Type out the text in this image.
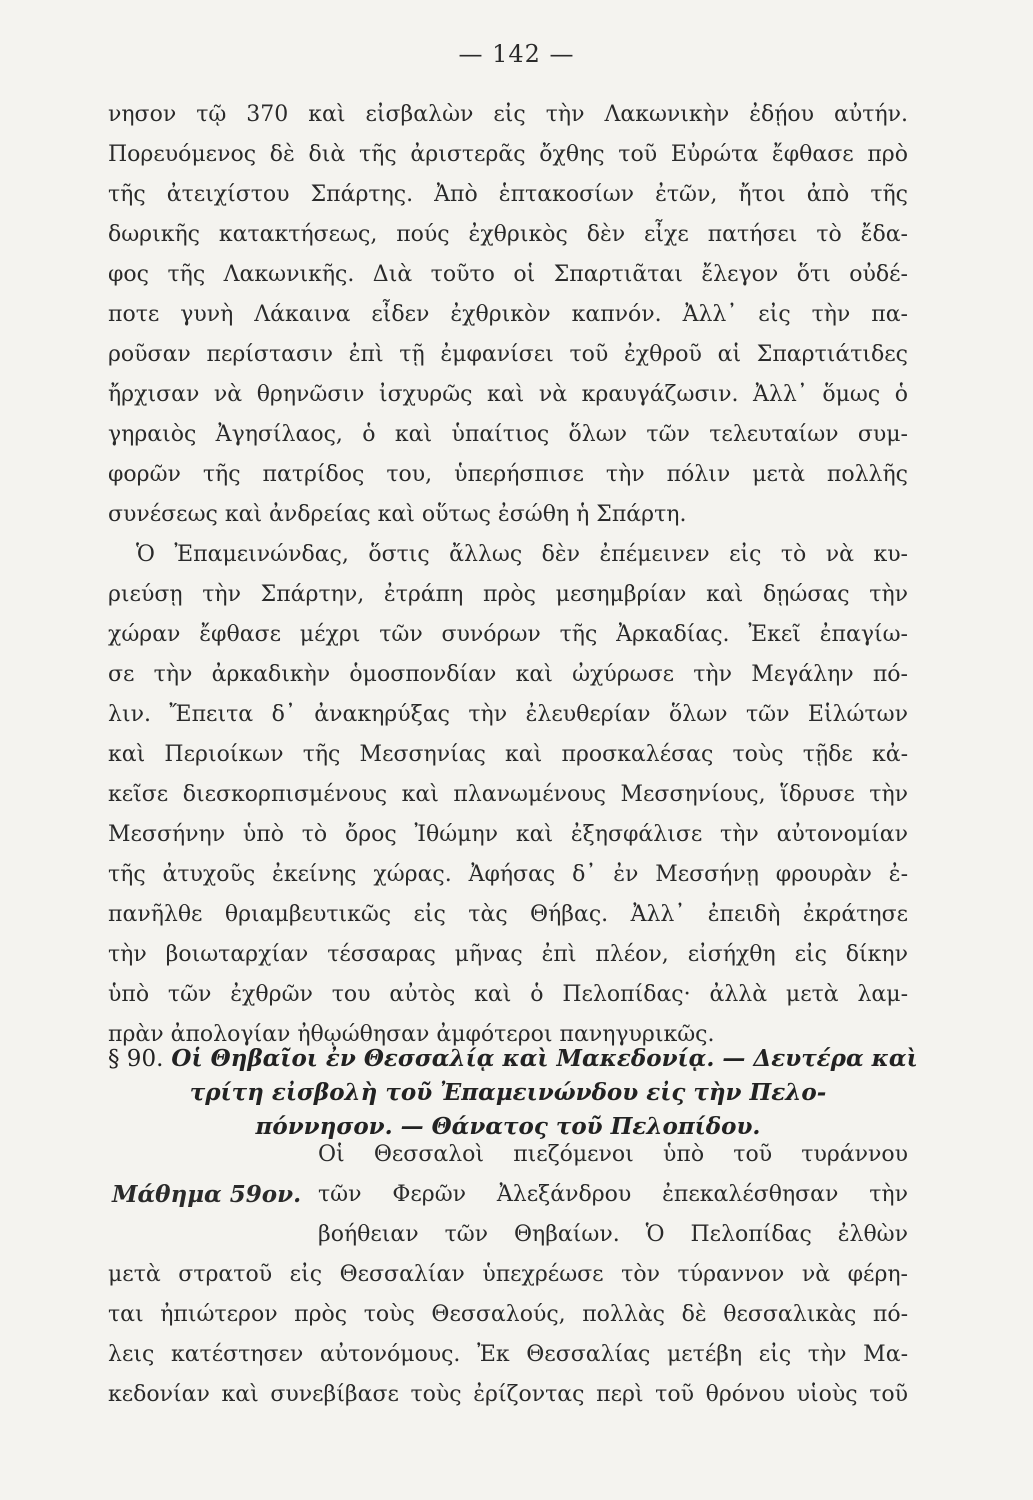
— 142 —
νησον τῷ 370 καὶ εἰσβαλὼν εἰς τὴν Λακωνικὴν ἐδῄου αὐτήν.
Πορευόμενος δὲ διὰ τῆς ἀριστερᾶς ὄχθης τοῦ Εὐρώτα ἔφθασε πρὸ
τῆς ἀτειχίστου Σπάρτης. Ἀπὸ ἑπτακοσίων ἐτῶν, ἤτοι ἀπὸ τῆς
δωρικῆς κατακτήσεως, πούς ἐχθρικὸς δὲν εἶχε πατήσει τὸ ἔδα-
φος τῆς Λακωνικῆς. Διὰ τοῦτο οἱ Σπαρτιᾶται ἔλεγον ὅτι οὐδέ-
ποτε γυνὴ Λάκαινα εἶδεν ἐχθρικὸν καπνόν. Ἀλλ᾽ εἰς τὴν πα-
ροῦσαν περίστασιν ἐπὶ τῇ ἐμφανίσει τοῦ ἐχθροῦ αἱ Σπαρτιάτιδες
ἤρχισαν νὰ θρηνῶσιν ἰσχυρῶς καὶ νὰ κραυγάζωσιν. Ἀλλ᾽ ὅμως ὁ
γηραιὸς Ἀγησίλαος, ὁ καὶ ὑπαίτιος ὅλων τῶν τελευταίων συμ-
φορῶν τῆς πατρίδος του, ὑπερήσπισε τὴν πόλιν μετὰ πολλῆς
συνέσεως καὶ ἀνδρείας καὶ οὕτως ἐσώθη ἡ Σπάρτη.
Ὁ Ἐπαμεινώνδας, ὅστις ἄλλως δὲν ἐπέμεινεν εἰς τὸ νὰ κυ-
ριεύσῃ τὴν Σπάρτην, ἐτράπη πρὸς μεσημβρίαν καὶ δῃώσας τὴν
χώραν ἔφθασε μέχρι τῶν συνόρων τῆς Ἀρκαδίας. Ἐκεῖ ἐπαγίω-
σε τὴν ἀρκαδικὴν ὁμοσπονδίαν καὶ ὠχύρωσε τὴν Μεγάλην πό-
λιν. Ἔπειτα δ᾽ ἀνακηρύξας τὴν ἐλευθερίαν ὅλων τῶν Εἱλώτων
καὶ Περιοίκων τῆς Μεσσηνίας καὶ προσκαλέσας τοὺς τῇδε κἀ-
κεῖσε διεσκορπισμένους καὶ πλανωμένους Μεσσηνίους, ἵδρυσε τὴν
Μεσσήνην ὑπὸ τὸ ὄρος Ἰθώμην καὶ ἐξησφάλισε τὴν αὐτονομίαν
τῆς ἀτυχοῦς ἐκείνης χώρας. Ἀφήσας δ᾽ ἐν Μεσσήνῃ φρουρὰν ἐ-
πανῆλθε θριαμβευτικῶς εἰς τὰς Θήβας. Ἀλλ᾽ ἐπειδὴ ἐκράτησε
τὴν βοιωταρχίαν τέσσαρας μῆνας ἐπὶ πλέον, εἰσήχθη εἰς δίκην
ὑπὸ τῶν ἐχθρῶν του αὐτὸς καὶ ὁ Πελοπίδας· ἀλλὰ μετὰ λαμ-
πρὰν ἀπολογίαν ἠθῳώθησαν ἀμφότεροι πανηγυρικῶς.
§ 90. Οἱ Θηβαῖοι ἐν Θεσσαλίᾳ καὶ Μακεδονίᾳ. — Δευτέρα καὶ
τρίτη εἰσβολὴ τοῦ Ἐπαμεινώνδου εἰς τὴν Πελο-
πόννησον. — Θάνατος τοῦ Πελοπίδου.
Οἱ Θεσσαλοὶ πιεζόμενοι ὑπὸ τοῦ τυράννου
Μάθημα 59ον. τῶν Φερῶν Ἀλεξάνδρου ἐπεκαλέσθησαν τὴν
βοήθειαν τῶν Θηβαίων. Ὁ Πελοπίδας ἐλθὼν
μετὰ στρατοῦ εἰς Θεσσαλίαν ὑπεχρέωσε τὸν τύραννον νὰ φέρη-
ται ἠπιώτερον πρὸς τοὺς Θεσσαλούς, πολλὰς δὲ θεσσαλικὰς πό-
λεις κατέστησεν αὐτονόμους. Ἐκ Θεσσαλίας μετέβη εἰς τὴν Μα-
κεδονίαν καὶ συνεβίβασε τοὺς ἐρίζοντας περὶ τοῦ θρόνου υἱοὺς τοῦ
